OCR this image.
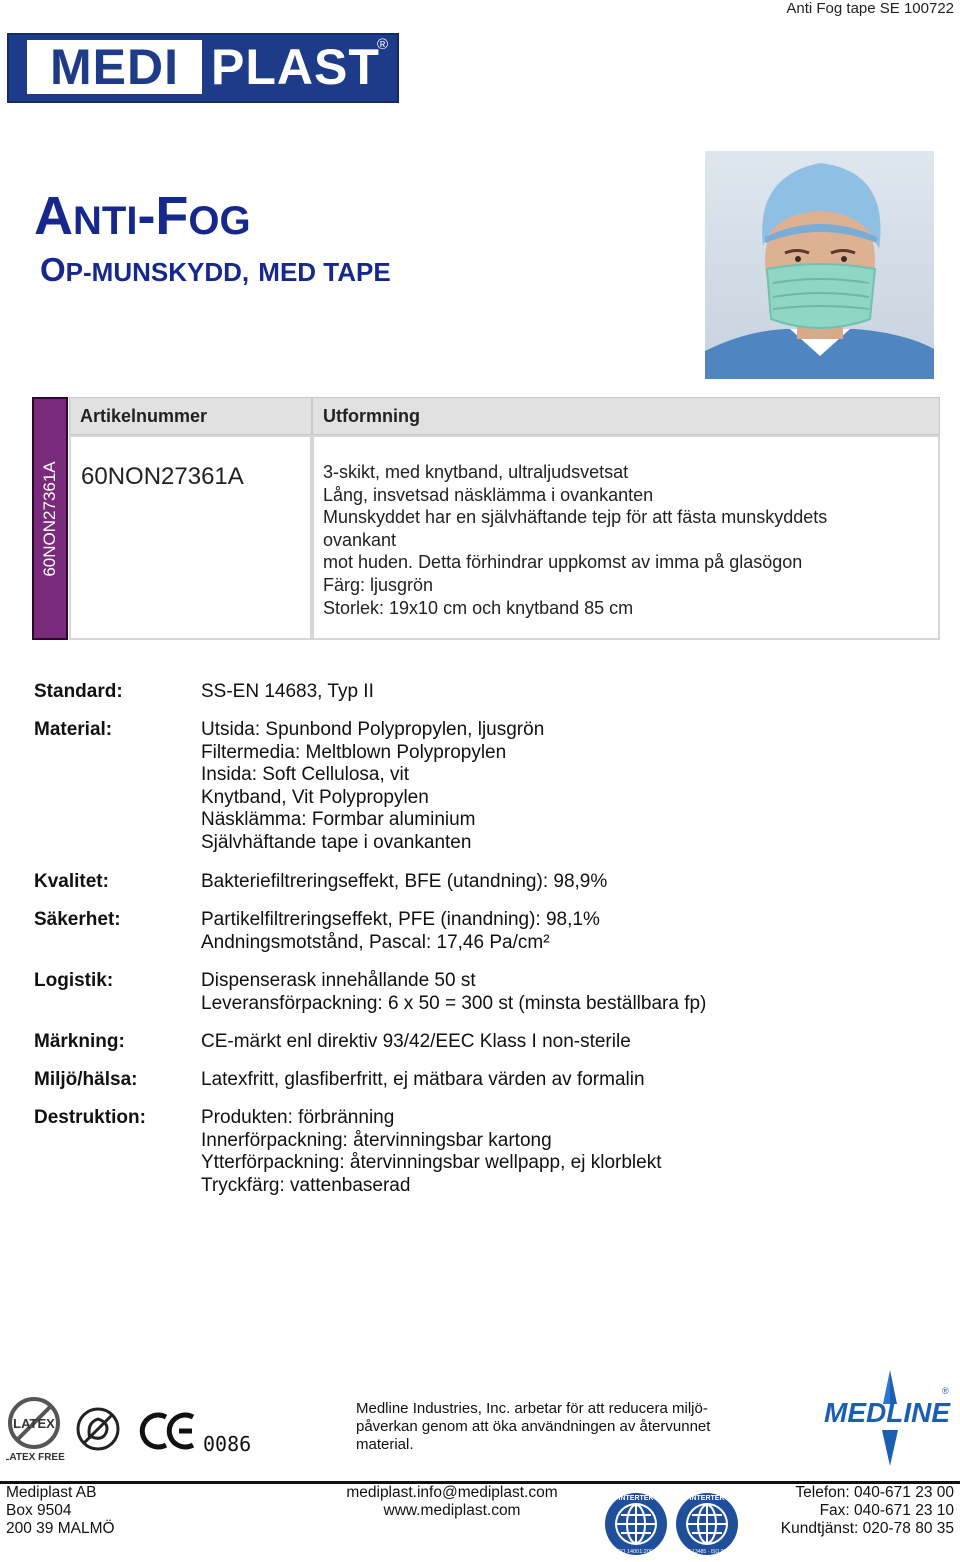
Anti Fog tape SE 100722
MEDI PLAST
®
ANTI-FOG
OP-MUNSKYDD, MED TAPE
60NON27361A
Artikelnummer	Utformning
60NON27361A	3-skikt, med knytband, ultraljudsvetsat
Lång, insvetsad näsklämma i ovankanten
Munskyddet har en självhäftande tejp för att fästa munskyddets
ovankant
mot huden. Detta förhindrar uppkomst av imma på glasögon
Färg: ljusgrön
Storlek: 19x10 cm och knytband 85 cm
Standard:	SS-EN 14683, Typ II
Material:	Utsida: Spunbond Polypropylen, ljusgrön
Filtermedia: Meltblown Polypropylen
Insida: Soft Cellulosa, vit
Knytband, Vit Polypropylen
Näsklämma: Formbar aluminium
Självhäftande tape i ovankanten
Kvalitet:	Bakteriefiltreringseffekt, BFE (utandning): 98,9%
Säkerhet:	Partikelfiltreringseffekt, PFE (inandning): 98,1%
Andningsmotstånd, Pascal: 17,46 Pa/cm²
Logistik:	Dispenserask innehållande 50 st
Leveransförpackning: 6 x 50 = 300 st (minsta beställbara fp)
Märkning:	CE-märkt enl direktiv 93/42/EEC Klass I non-sterile
Miljö/hälsa:	Latexfritt, glasfiberfritt, ej mätbara värden av formalin
Destruktion:	Produkten: förbränning
Innerförpackning: återvinningsbar kartong
Ytterförpackning: återvinningsbar wellpapp, ej klorblekt
Tryckfärg: vattenbaserad
LATEX
LATEX FREE
0086
Medline Industries, Inc. arbetar för att reducera miljö-
påverkan genom att öka användningen av återvunnet
material.
MEDLINE
®
Mediplast AB
Box 9504
200 39 MALMÖ
mediplast.info@mediplast.com
www.mediplast.com
Telefon: 040-671 23 00
Fax: 040-671 23 10
Kundtjänst: 020-78 80 35
INTERTEK
ISO 14001:2004
INTERTEK
ISO 13485 · ISO 9001
